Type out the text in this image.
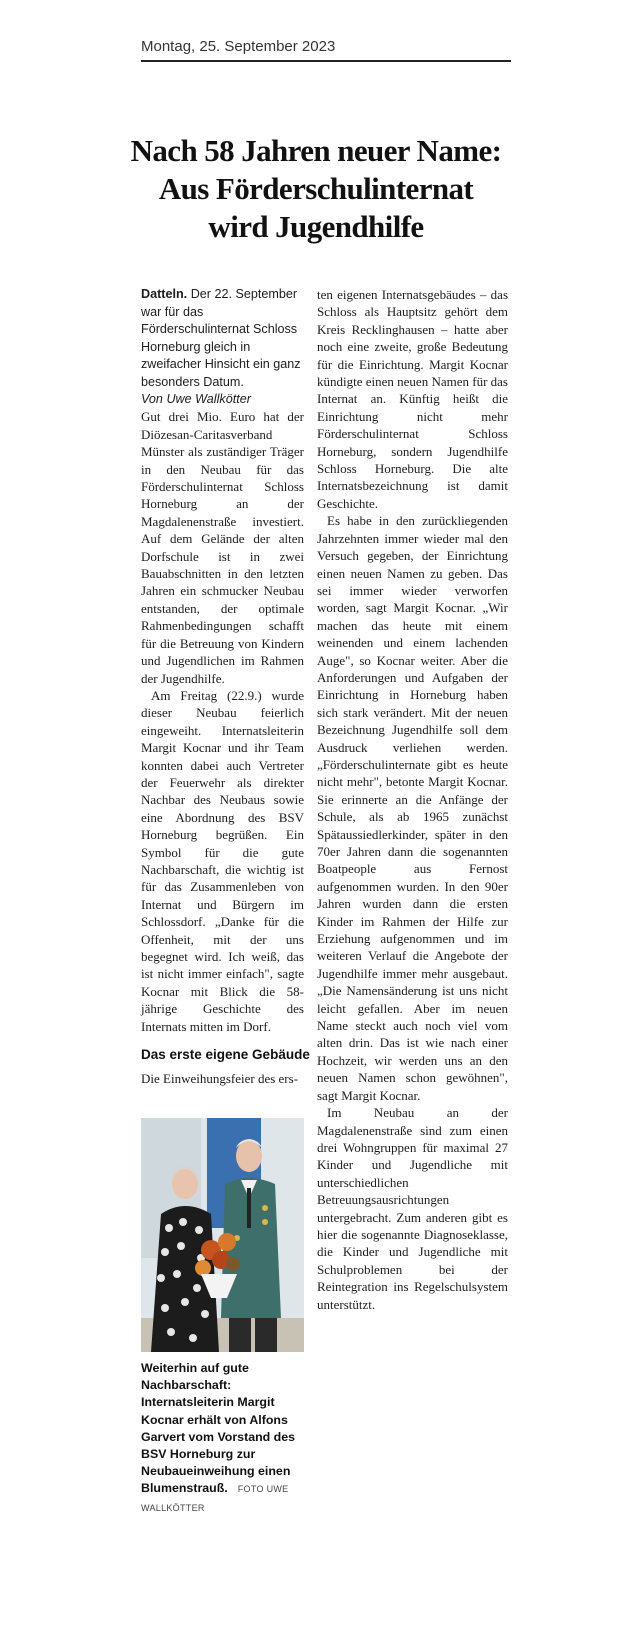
Montag, 25. September 2023
Nach 58 Jahren neuer Name:
Aus Förderschulinternat
wird Jugendhilfe

Datteln. Der 22. September war für das Förderschulinternat Schloss Horneburg gleich in zweifacher Hinsicht ein ganz besonders Datum.

Von Uwe Wallkötter

Gut drei Mio. Euro hat der Diözesan-Caritasverband Münster als zuständiger Träger in den Neubau für das Förderschulinternat Schloss Horneburg an der Magdalenenstraße investiert. Auf dem Gelände der alten Dorfschule ist in zwei Bauabschnitten in den letzten Jahren ein schmucker Neubau entstanden, der optimale Rahmenbedingungen schafft für die Betreuung von Kindern und Jugendlichen im Rahmen der Jugendhilfe.

Am Freitag (22.9.) wurde dieser Neubau feierlich eingeweiht. Internatsleiterin Margit Kocnar und ihr Team konnten dabei auch Vertreter der Feuerwehr als direkter Nachbar des Neubaus sowie eine Abordnung des BSV Horneburg begrüßen. Ein Symbol für die gute Nachbarschaft, die wichtig ist für das Zusammenleben von Internat und Bürgern im Schlossdorf. „Danke für die Offenheit, mit der uns begegnet wird. Ich weiß, das ist nicht immer einfach", sagte Kocnar mit Blick die 58-jährige Geschichte des Internats mitten im Dorf.

Das erste eigene Gebäude
Die Einweihungsfeier des ers-
Weiterhin auf gute Nachbarschaft: Internatsleiterin Margit Kocnar erhält von Alfons Garvert vom Vorstand des BSV Horneburg zur Neubaueinweihung einen Blumenstrauß. FOTO UWE WALLKÖTTER

ten eigenen Internatsgebäudes – das Schloss als Hauptsitz gehört dem Kreis Recklinghausen – hatte aber noch eine zweite, große Bedeutung für die Einrichtung. Margit Kocnar kündigte einen neuen Namen für das Internat an. Künftig heißt die Einrichtung nicht mehr Förderschulinternat Schloss Horneburg, sondern Jugendhilfe Schloss Horneburg. Die alte Internatsbezeichnung ist damit Geschichte.

Es habe in den zurückliegenden Jahrzehnten immer wieder mal den Versuch gegeben, der Einrichtung einen neuen Namen zu geben. Das sei immer wieder verworfen worden, sagt Margit Kocnar. „Wir machen das heute mit einem weinenden und einem lachenden Auge", so Kocnar weiter. Aber die Anforderungen und Aufgaben der Einrichtung in Horneburg haben sich stark verändert. Mit der neuen Bezeichnung Jugendhilfe soll dem Ausdruck verliehen werden. „Förderschulinternate gibt es heute nicht mehr", betonte Margit Kocnar. Sie erinnerte an die Anfänge der Schule, als ab 1965 zunächst Spätaussiedlerkinder, später in den 70er Jahren dann die sogenannten Boatpeople aus Fernost aufgenommen wurden. In den 90er Jahren wurden dann die ersten Kinder im Rahmen der Hilfe zur Erziehung aufgenommen und im weiteren Verlauf die Angebote der Jugendhilfe immer mehr ausgebaut. „Die Namensänderung ist uns nicht leicht gefallen. Aber im neuen Name steckt auch noch viel vom alten drin. Das ist wie nach einer Hochzeit, wir werden uns an den neuen Namen schon gewöhnen", sagt Margit Kocnar.

Im Neubau an der Magdalenenstraße sind zum einen drei Wohngruppen für maximal 27 Kinder und Jugendliche mit unterschiedlichen Betreuungsausrichtungen untergebracht. Zum anderen gibt es hier die sogenannte Diagnoseklasse, die Kinder und Jugendliche mit Schulproblemen bei der Reintegration ins Regelschulsystem unterstützt.
